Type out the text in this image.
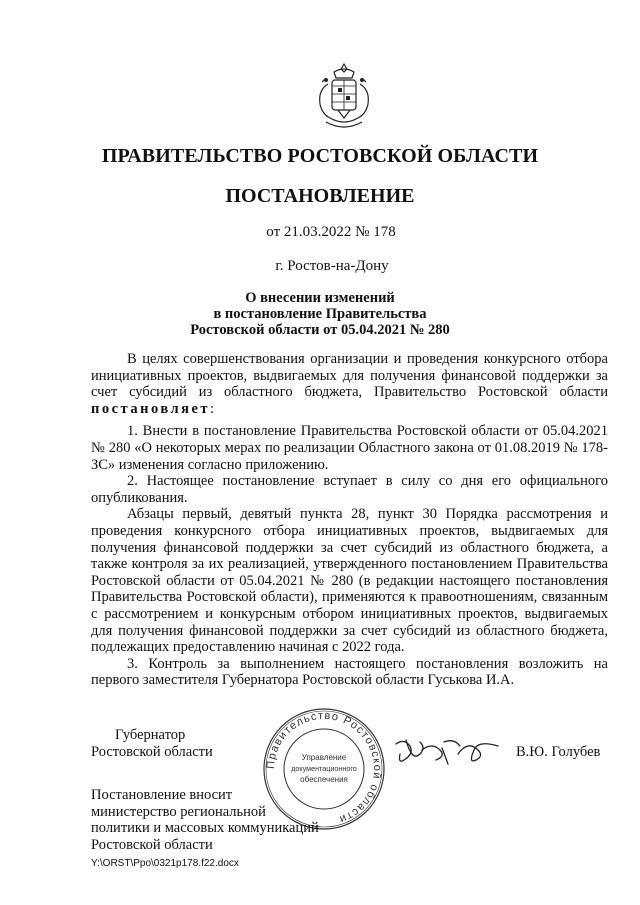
ПРАВИТЕЛЬСТВО РОСТОВСКОЙ ОБЛАСТИ
ПОСТАНОВЛЕНИЕ

от 21.03.2022 № 178

г. Ростов-на-Дону

О внесении изменений
в постановление Правительства
Ростовской области от 05.04.2021 № 280

В целях совершенствования организации и проведения конкурсного отбора инициативных проектов, выдвигаемых для получения финансовой поддержки за счет субсидий из областного бюджета, Правительство Ростовской области постановляет:

1. Внести в постановление Правительства Ростовской области от 05.04.2021 № 280 «О некоторых мерах по реализации Областного закона от 01.08.2019 № 178-ЗС» изменения согласно приложению.

2. Настоящее постановление вступает в силу со дня его официального опубликования.

Абзацы первый, девятый пункта 28, пункт 30 Порядка рассмотрения и проведения конкурсного отбора инициативных проектов, выдвигаемых для получения финансовой поддержки за счет субсидий из областного бюджета, а также контроля за их реализацией, утвержденного постановлением Правительства Ростовской области от 05.04.2021 № 280 (в редакции настоящего постановления Правительства Ростовской области), применяются к правоотношениям, связанным с рассмотрением и конкурсным отбором инициативных проектов, выдвигаемых для получения финансовой поддержки за счет субсидий из областного бюджета, подлежащих предоставлению начиная с 2022 года.

3. Контроль за выполнением настоящего постановления возложить на первого заместителя Губернатора Ростовской области Гуськова И.А.

Губернатор
Ростовской области
Правительство Ростовской области
Управление
документационного
обеспечения
В.Ю. Голубев
Постановление вносит
министерство региональной
политики и массовых коммуникаций
Ростовской области
Y:\ORST\Ppo\0321p178.f22.docx
